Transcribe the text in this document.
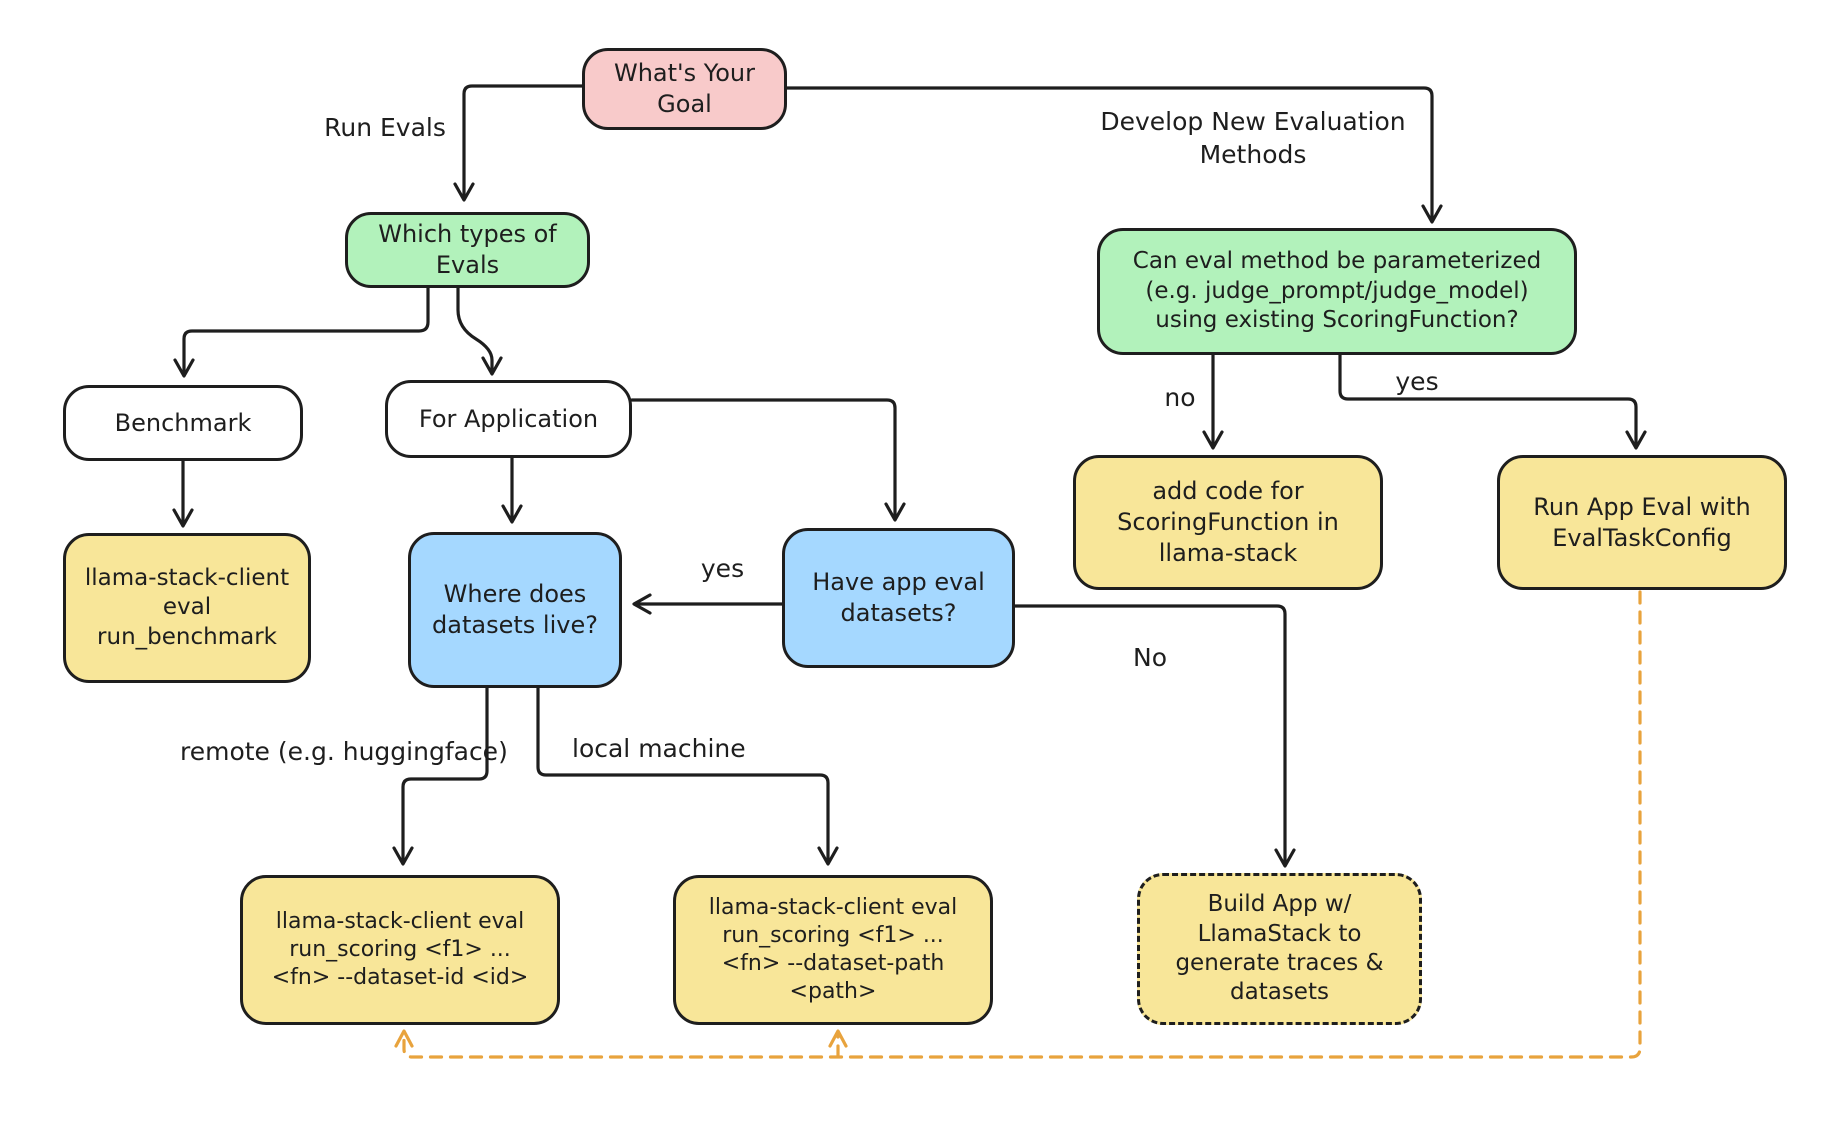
What's Your Goal
Which types of Evals
Benchmark	For Application
llama-stack-client eval run_benchmark
Where does datasets live?
Have app eval datasets?
Can eval method be parameterized (e.g. judge_prompt/judge_model) using existing ScoringFunction?
add code for ScoringFunction in llama-stack
Run App Eval with EvalTaskConfig
llama-stack-client eval run_scoring <f1> ... <fn> --dataset-id <id>
llama-stack-client eval run_scoring <f1> ... <fn> --dataset-path <path>
Build App w/ LlamaStack to generate traces & datasets
Run Evals	Develop New Evaluation Methods
no
yes
yes
No
remote (e.g. huggingface)	local machine
